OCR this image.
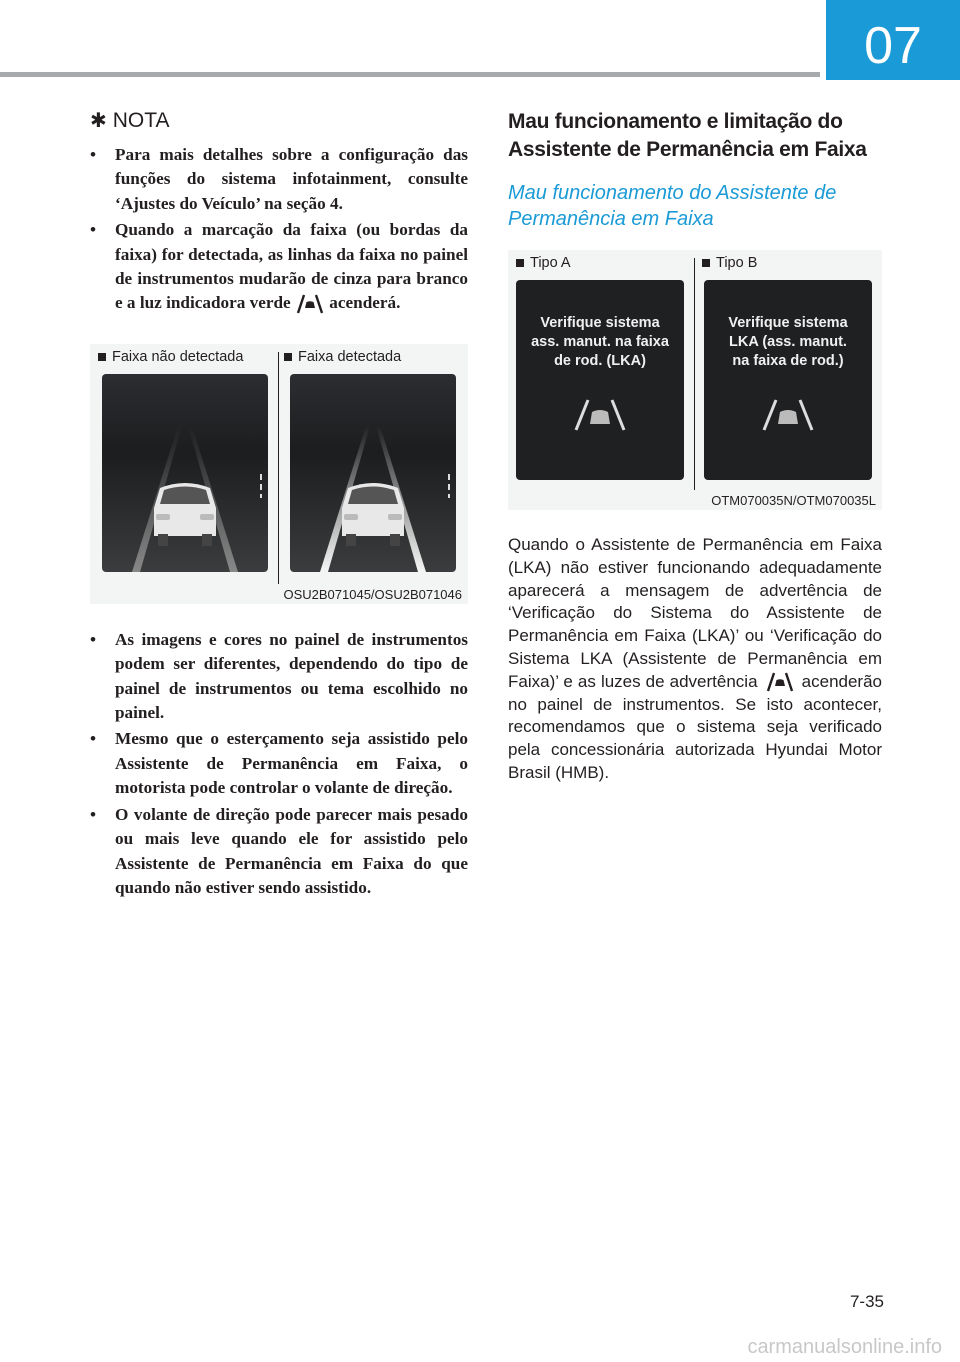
07
✱ NOTA
• Para mais detalhes sobre a configuração das funções do sistema infotainment, consulte ‘Ajustes do Veículo’ na seção 4.
• Quando a marcação da faixa (ou bordas da faixa) for detectada, as linhas da faixa no painel de instrumentos mudarão de cinza para branco e a luz indicadora verde acenderá.
Faixa não detectada	Faixa detectada
OSU2B071045/OSU2B071046
• As imagens e cores no painel de instrumentos podem ser diferentes, dependendo do tipo de painel de instrumentos ou tema escolhido no painel.
• Mesmo que o esterçamento seja assistido pelo Assistente de Permanência em Faixa, o motorista pode controlar o volante de direção.
• O volante de direção pode parecer mais pesado ou mais leve quando ele for assistido pelo Assistente de Permanência em Faixa do que quando não estiver sendo assistido.
Mau funcionamento e limitação do Assistente de Permanência em Faixa
Mau funcionamento do Assistente de Permanência em Faixa
Tipo A	Tipo B
Verifique sistema
ass. manut. na faixa
de rod. (LKA)
Verifique sistema
LKA (ass. manut.
na faixa de rod.)
OTM070035N/OTM070035L

Quando o Assistente de Permanência em Faixa (LKA) não estiver funcionando adequadamente aparecerá a mensagem de advertência de ‘Verificação do Sistema do Assistente de Permanência em Faixa (LKA)’ ou ‘Verificação do Sistema LKA (Assistente de Permanência em Faixa)’ e as luzes de advertência	acenderão no painel de instrumentos. Se isto acontecer, recomendamos que o sistema seja verificado pela concessionária autorizada Hyundai Motor Brasil (HMB).

7-35
carmanualsonline.info
